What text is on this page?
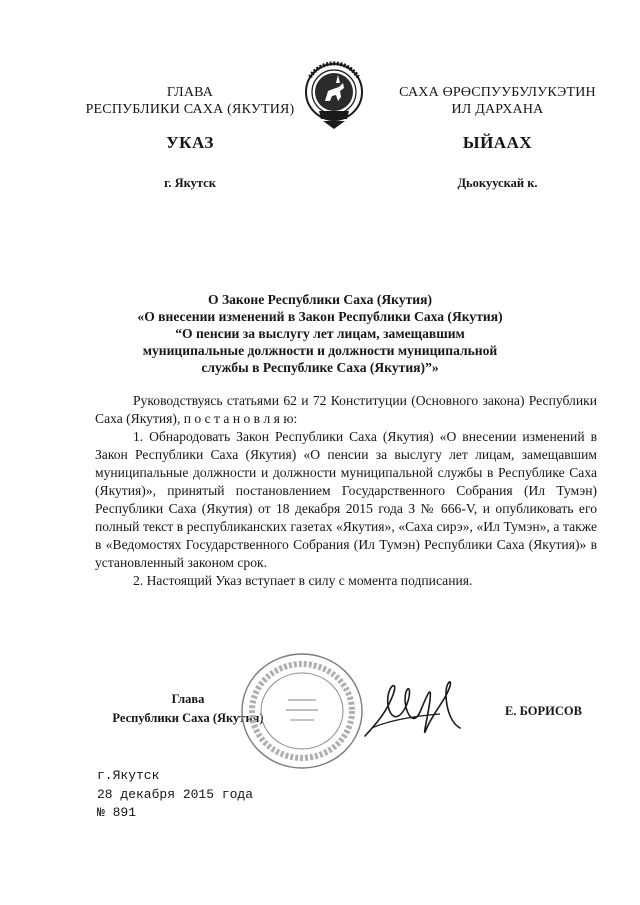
ГЛАВА
РЕСПУБЛИКИ САХА (ЯКУТИЯ)
УКАЗ
г. Якутск
САХА ӨРӨСПУУБУЛУКЭТИН
ИЛ ДАРХАНА
ЫЙААХ
Дьокуускай к.
О Законе Республики Саха (Якутия)
«О внесении изменений в Закон Республики Саха (Якутия)
“О пенсии за выслугу лет лицам, замещавшим
муниципальные должности и должности муниципальной
службы в Республике Саха (Якутия)”»

Руководствуясь статьями 62 и 72 Конституции (Основного закона) Республики Саха (Якутия), п о с т а н о в л я ю:

1. Обнародовать Закон Республики Саха (Якутия) «О внесении изменений в Закон Республики Саха (Якутия) «О пенсии за выслугу лет лицам, замещавшим муниципальные должности и должности муниципальной службы в Республике Саха (Якутия)», принятый постановлением Государственного Собрания (Ил Тумэн) Республики Саха (Якутия) от 18 декабря 2015 года З № 666-V, и опубликовать его полный текст в республиканских газетах «Якутия», «Саха сирэ», «Ил Тумэн», а также в «Ведомостях Государственного Собрания (Ил Тумэн) Республики Саха (Якутия)» в установленный законом срок.

2. Настоящий Указ вступает в силу с момента подписания.

Глава
Республики Саха (Якутия)	Е. БОРИСОВ
г.Якутск
28 декабря 2015 года
№ 891
